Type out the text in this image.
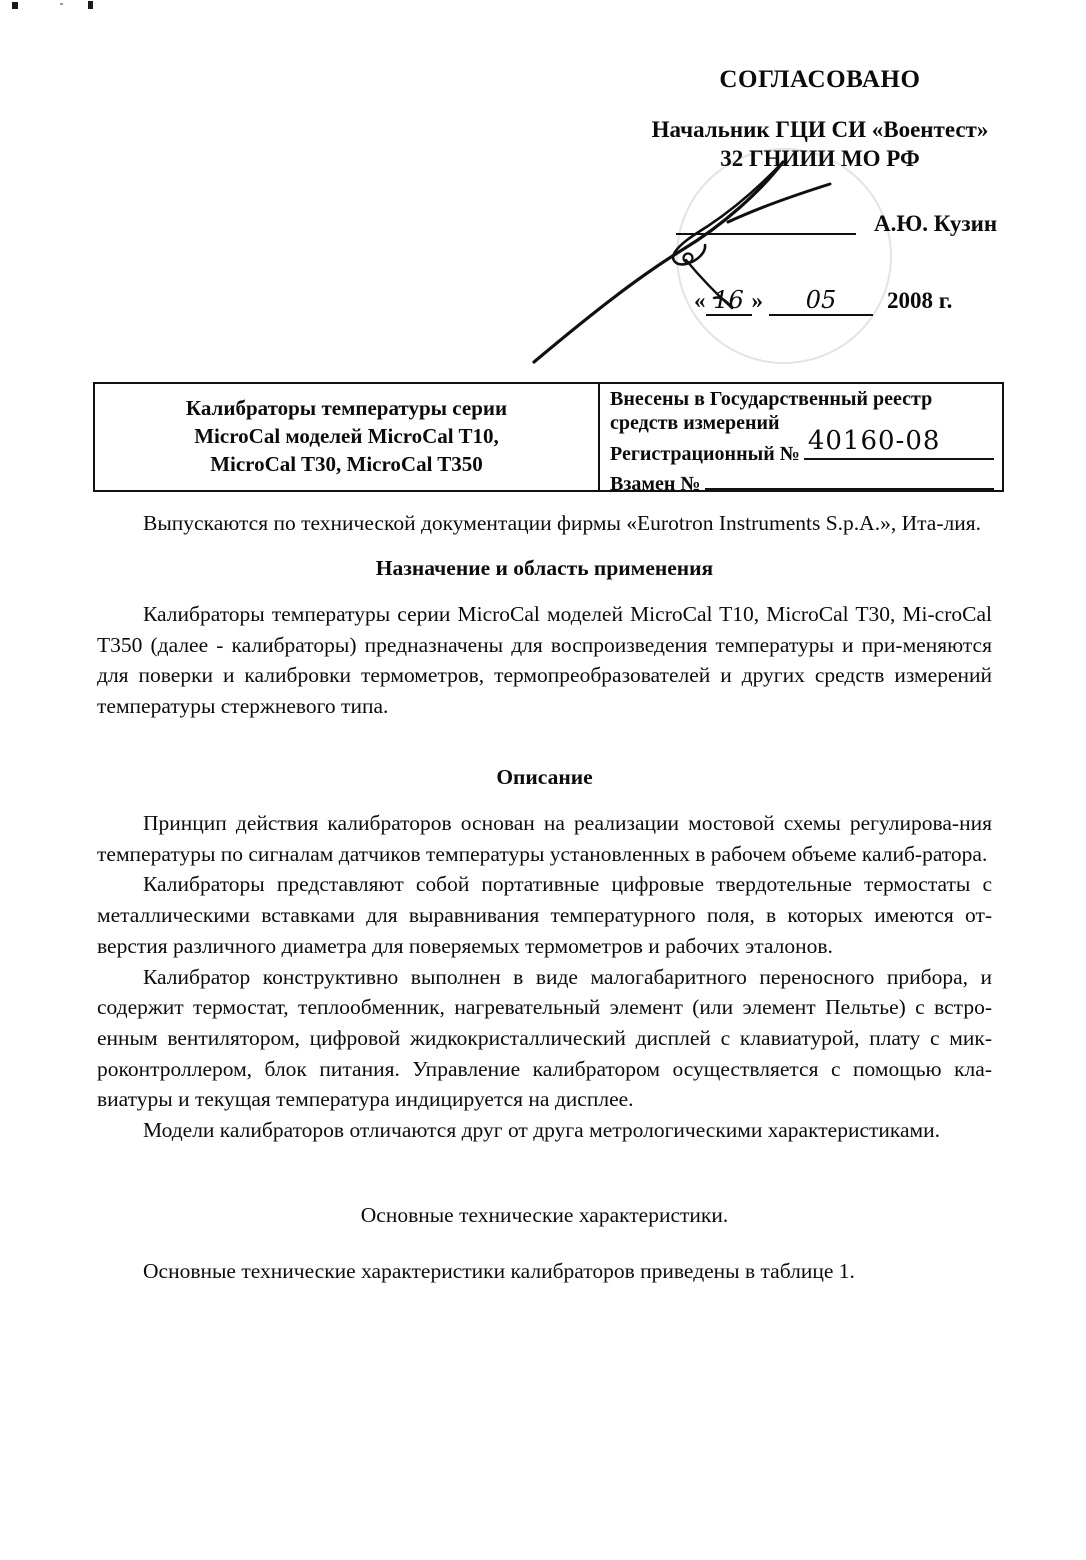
СОГЛАСОВАНО
Начальник ГЦИ СИ «Воентест»
32 ГНИИИ МО РФ
А.Ю. Кузин
« 16 »	05	2008 г.
Калибраторы температуры серии
MicroCal моделей MicroCal T10,
MicroCal T30, MicroCal T350
Внесены в Государственный реестр
средств измерений
Регистрационный № 40160-08
Взамен №

Выпускаются по технической документации фирмы «Eurotron Instruments S.p.A.», Ита-лия.

Назначение и область применения

Калибраторы температуры серии MicroCal моделей MicroCal T10, MicroCal T30, Mi-croCal T350 (далее - калибраторы) предназначены для воспроизведения температуры и при-меняются для поверки и калибровки термометров, термопреобразователей и других средств измерений температуры стержневого типа.

Описание

Принцип действия калибраторов основан на реализации мостовой схемы регулирова-ния температуры по сигналам датчиков температуры установленных в рабочем объеме калиб-ратора.

Калибраторы представляют собой портативные цифровые твердотельные термостаты с металлическими вставками для выравнивания температурного поля, в которых имеются от-верстия различного диаметра для поверяемых термометров и рабочих эталонов.

Калибратор конструктивно выполнен в виде малогабаритного переносного прибора, и содержит термостат, теплообменник, нагревательный элемент (или элемент Пельтье) с встро-енным вентилятором, цифровой жидкокристаллический дисплей с клавиатурой, плату с мик-роконтроллером, блок питания. Управление калибратором осуществляется с помощью кла-виатуры и текущая температура индицируется на дисплее.

Модели калибраторов отличаются друг от друга метрологическими характеристиками.

Основные технические характеристики.

Основные технические характеристики калибраторов приведены в таблице 1.
